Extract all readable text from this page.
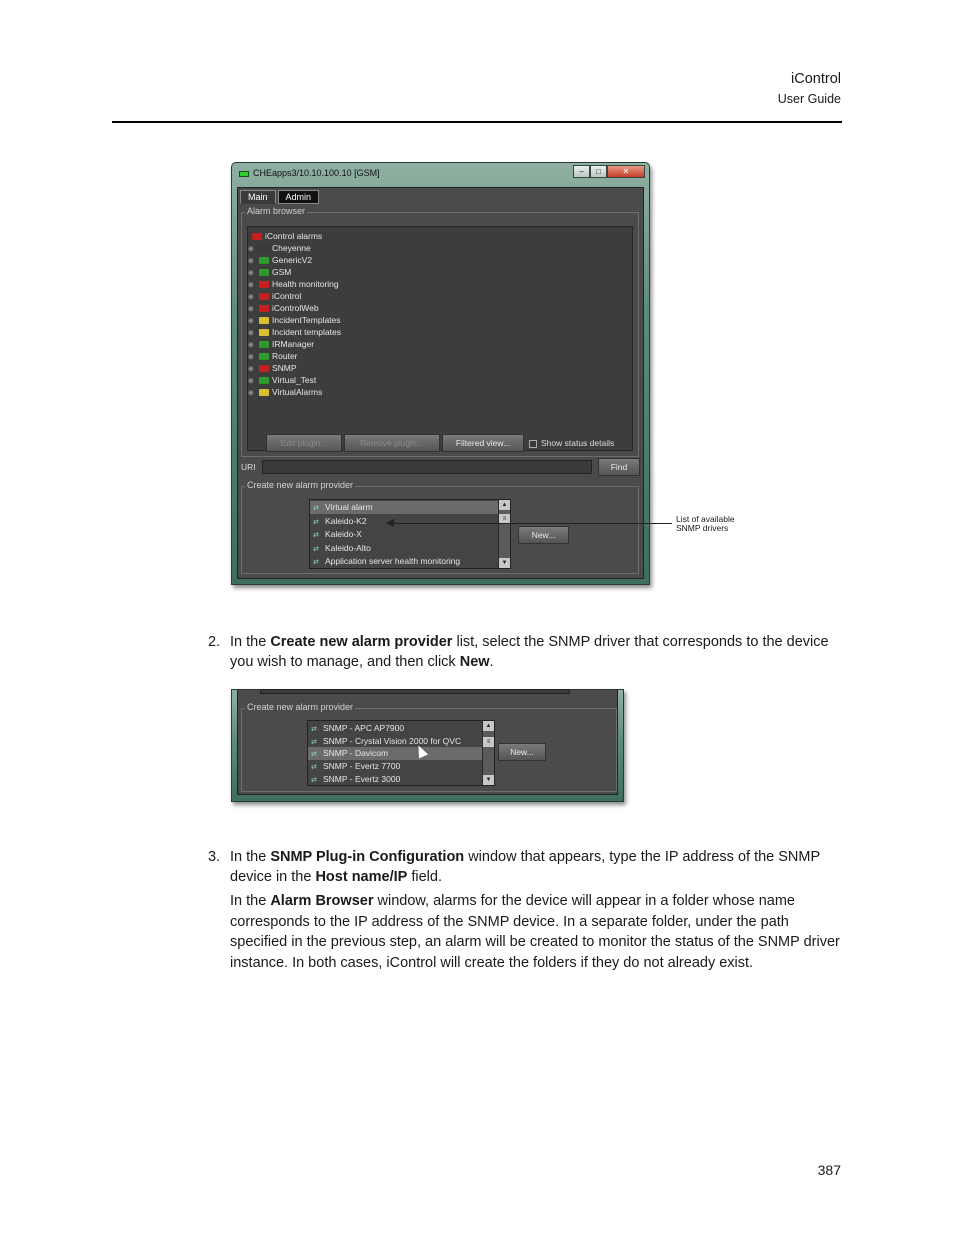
iControl
User Guide
CHEapps3/10.10.100.10 [GSM]	–	□	✕
Main	Admin
Alarm browser
iControl alarms
⊕ Cheyenne
⊕ GenericV2
⊕ GSM
⊕ Health monitoring
⊕ iControl
⊕ iControlWeb
⊕ IncidentTemplates
⊕ Incident templates
⊕ IRManager
⊕ Router
⊕ SNMP
⊕ Virtual_Test
⊕ VirtualAlarms
Edit plugin...	Remove plugin...	Filtered view...	Show status details
URI	Find
Create new alarm provider
⇄ Virtual alarm
⇄ Kaleido-K2
⇄ Kaleido-X
⇄ Kaleido-Alto
⇄ Application server health monitoring
▲
≡
▼
New...
List of available
SNMP drivers
2. In the Create new alarm provider list, select the SNMP driver that corresponds to the device you wish to manage, and then click New.
Create new alarm provider
⇄ SNMP - APC AP7900
⇄ SNMP - Crystal Vision 2000 for QVC
⇄ SNMP - Davicom
⇄ SNMP - Evertz 7700
⇄ SNMP - Evertz 3000
▲
≡
▼
New...
3. In the SNMP Plug-in Configuration window that appears, type the IP address of the SNMP device in the Host name/IP field.
In the Alarm Browser window, alarms for the device will appear in a folder whose name corresponds to the IP address of the SNMP device. In a separate folder, under the path specified in the previous step, an alarm will be created to monitor the status of the SNMP driver instance. In both cases, iControl will create the folders if they do not already exist.
387
